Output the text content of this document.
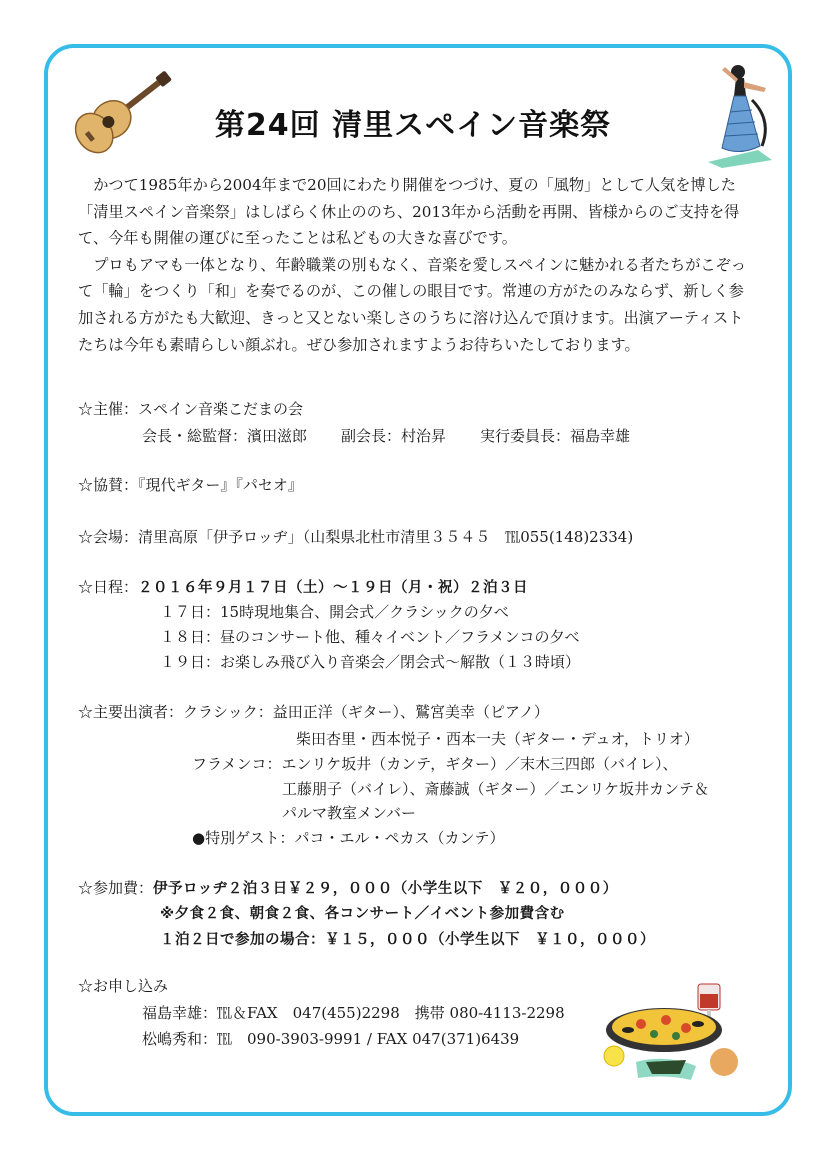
第24回 清里スペイン音楽祭

かつて1985年から2004年まで20回にわたり開催をつづけ、夏の「風物」として人気を博した「清里スペイン音楽祭」はしばらく休止ののち、2013年から活動を再開、皆様からのご支持を得て、今年も開催の運びに至ったことは私どもの大きな喜びです。

プロもアマも一体となり、年齢職業の別もなく、音楽を愛しスペインに魅かれる者たちがこぞって「輪」をつくり「和」を奏でるのが、この催しの眼目です。常連の方がたのみならず、新しく参加される方がたも大歓迎、きっと又とない楽しさのうちに溶け込んで頂けます。出演アーティストたちは今年も素晴らしい顔ぶれ。ぜひ参加されますようお待ちいたしております。

☆主催：スペイン音楽こだまの会
会長・総監督：濱田滋郎 副会長：村治昇 実行委員長：福島幸雄
☆協賛：『現代ギター』『パセオ』
☆会場：清里高原「伊予ロッヂ」（山梨県北杜市清里３５４５　℡055(148)2334)
☆日程：２０１６年９月１７日（土）〜１９日（月・祝）２泊３日
１７日：15時現地集合、開会式／クラシックの夕べ
１８日：昼のコンサート他、種々イベント／フラメンコの夕べ
１９日：お楽しみ飛び入り音楽会／閉会式〜解散（１３時頃）
☆主要出演者：クラシック：益田正洋（ギター）、鷲宮美幸（ピアノ）
柴田杏里・西本悦子・西本一夫（ギター・デュオ，トリオ）
フラメンコ：エンリケ坂井（カンテ，ギター）／末木三四郎（バイレ）、
工藤朋子（バイレ）、斎藤誠（ギター）／エンリケ坂井カンテ＆
パルマ教室メンバー
●特別ゲスト：パコ・エル・ペカス（カンテ）
☆参加費：伊予ロッヂ２泊３日￥２９，０００（小学生以下　￥２０，０００）
※夕食２食、朝食２食、各コンサート／イベント参加費含む
１泊２日で参加の場合：￥１５，０００（小学生以下　￥１０，０００）
☆お申し込み
福島幸雄：℡＆FAX　047(455)2298　携帯 080-4113-2298
松嶋秀和：℡　090-3903-9991 / FAX 047(371)6439
